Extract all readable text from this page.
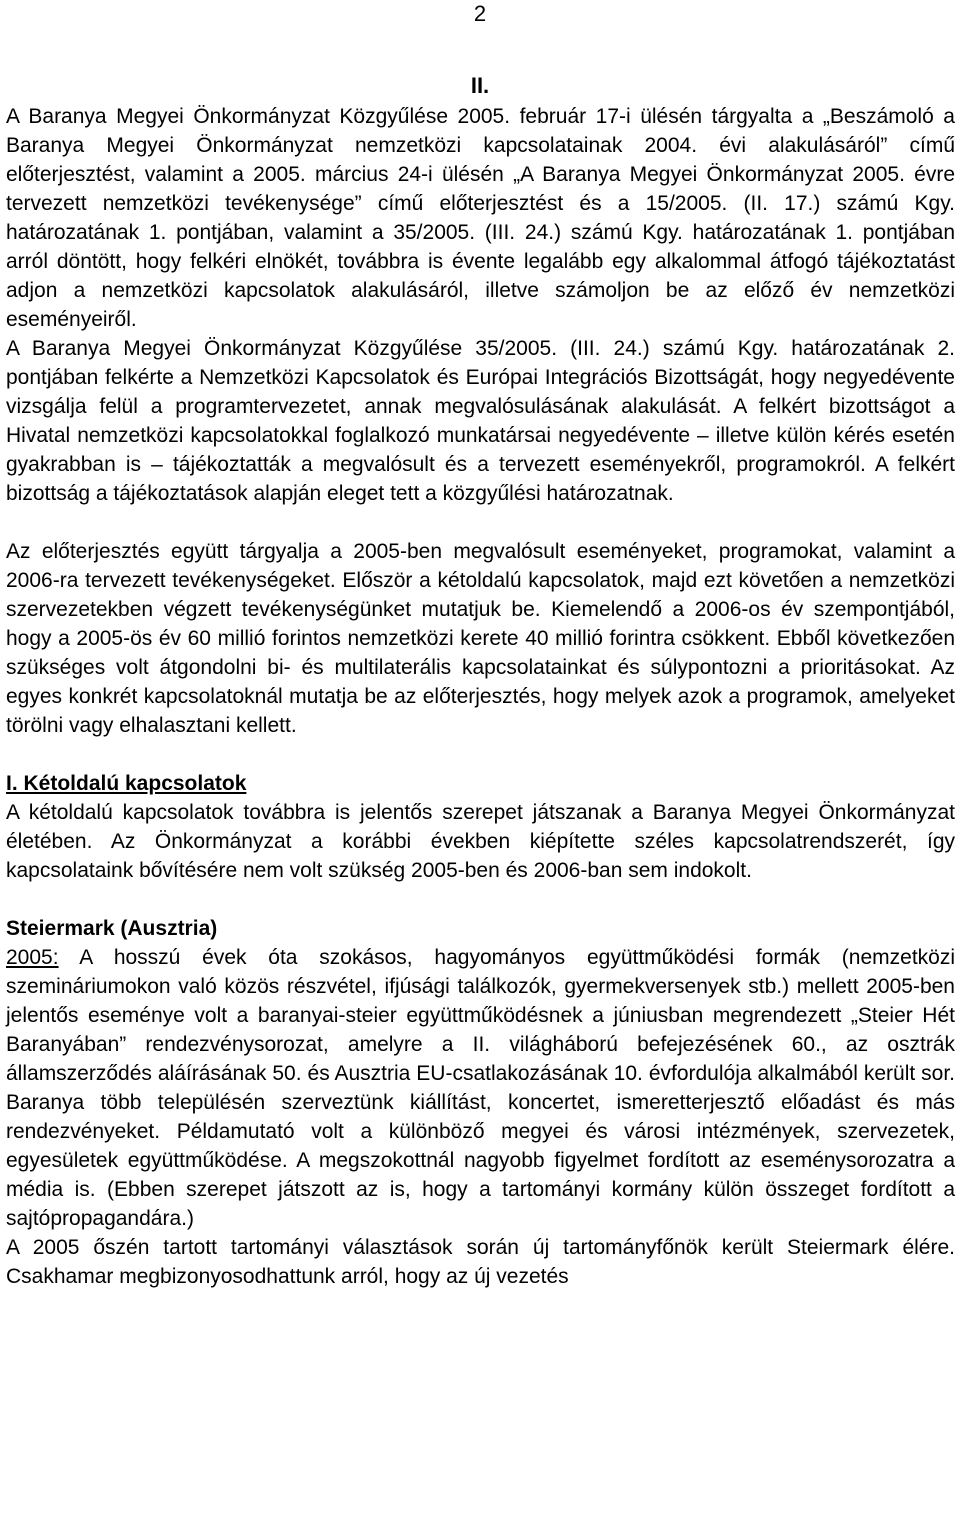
2
II.

A Baranya Megyei Önkormányzat Közgyűlése 2005. február 17-i ülésén tárgyalta a „Beszámoló a Baranya Megyei Önkormányzat nemzetközi kapcsolatainak 2004. évi alakulásáról” című előterjesztést, valamint a 2005. március 24-i ülésén „A Baranya Megyei Önkormányzat 2005. évre tervezett nemzetközi tevékenysége” című előterjesztést és a 15/2005. (II. 17.) számú Kgy. határozatának 1. pontjában, valamint a 35/2005. (III. 24.) számú Kgy. határozatának 1. pontjában arról döntött, hogy felkéri elnökét, továbbra is évente legalább egy alkalommal átfogó tájékoztatást adjon a nemzetközi kapcsolatok alakulásáról, illetve számoljon be az előző év nemzetközi eseményeiről.

A Baranya Megyei Önkormányzat Közgyűlése 35/2005. (III. 24.) számú Kgy. határozatának 2. pontjában felkérte a Nemzetközi Kapcsolatok és Európai Integrációs Bizottságát, hogy negyedévente vizsgálja felül a programtervezetet, annak megvalósulásának alakulását. A felkért bizottságot a Hivatal nemzetközi kapcsolatokkal foglalkozó munkatársai negyedévente – illetve külön kérés esetén gyakrabban is – tájékoztatták a megvalósult és a tervezett eseményekről, programokról. A felkért bizottság a tájékoztatások alapján eleget tett a közgyűlési határozatnak.

Az előterjesztés együtt tárgyalja a 2005-ben megvalósult eseményeket, programokat, valamint a 2006-ra tervezett tevékenységeket. Először a kétoldalú kapcsolatok, majd ezt követően a nemzetközi szervezetekben végzett tevékenységünket mutatjuk be. Kiemelendő a 2006-os év szempontjából, hogy a 2005-ös év 60 millió forintos nemzetközi kerete 40 millió forintra csökkent. Ebből következően szükséges volt átgondolni bi- és multilaterális kapcsolatainkat és súlypontozni a prioritásokat. Az egyes konkrét kapcsolatoknál mutatja be az előterjesztés, hogy melyek azok a programok, amelyeket törölni vagy elhalasztani kellett.

I. Kétoldalú kapcsolatok

A kétoldalú kapcsolatok továbbra is jelentős szerepet játszanak a Baranya Megyei Önkormányzat életében. Az Önkormányzat a korábbi években kiépítette széles kapcsolatrendszerét, így kapcsolataink bővítésére nem volt szükség 2005-ben és 2006-ban sem indokolt.

Steiermark (Ausztria)

2005: A hosszú évek óta szokásos, hagyományos együttműködési formák (nemzetközi szemináriumokon való közös részvétel, ifjúsági találkozók, gyermekversenyek stb.) mellett 2005-ben jelentős eseménye volt a baranyai-steier együttműködésnek a júniusban megrendezett „Steier Hét Baranyában” rendezvénysorozat, amelyre a II. világháború befejezésének 60., az osztrák államszerződés aláírásának 50. és Ausztria EU-csatlakozásának 10. évfordulója alkalmából került sor. Baranya több településén szerveztünk kiállítást, koncertet, ismeretterjesztő előadást és más rendezvényeket. Példamutató volt a különböző megyei és városi intézmények, szervezetek, egyesületek együttműködése. A megszokottnál nagyobb figyelmet fordított az eseménysorozatra a média is. (Ebben szerepet játszott az is, hogy a tartományi kormány külön összeget fordított a sajtópropagandára.)

A 2005 őszén tartott tartományi választások során új tartományfőnök került Steiermark élére. Csakhamar megbizonyosodhattunk arról, hogy az új vezetés
